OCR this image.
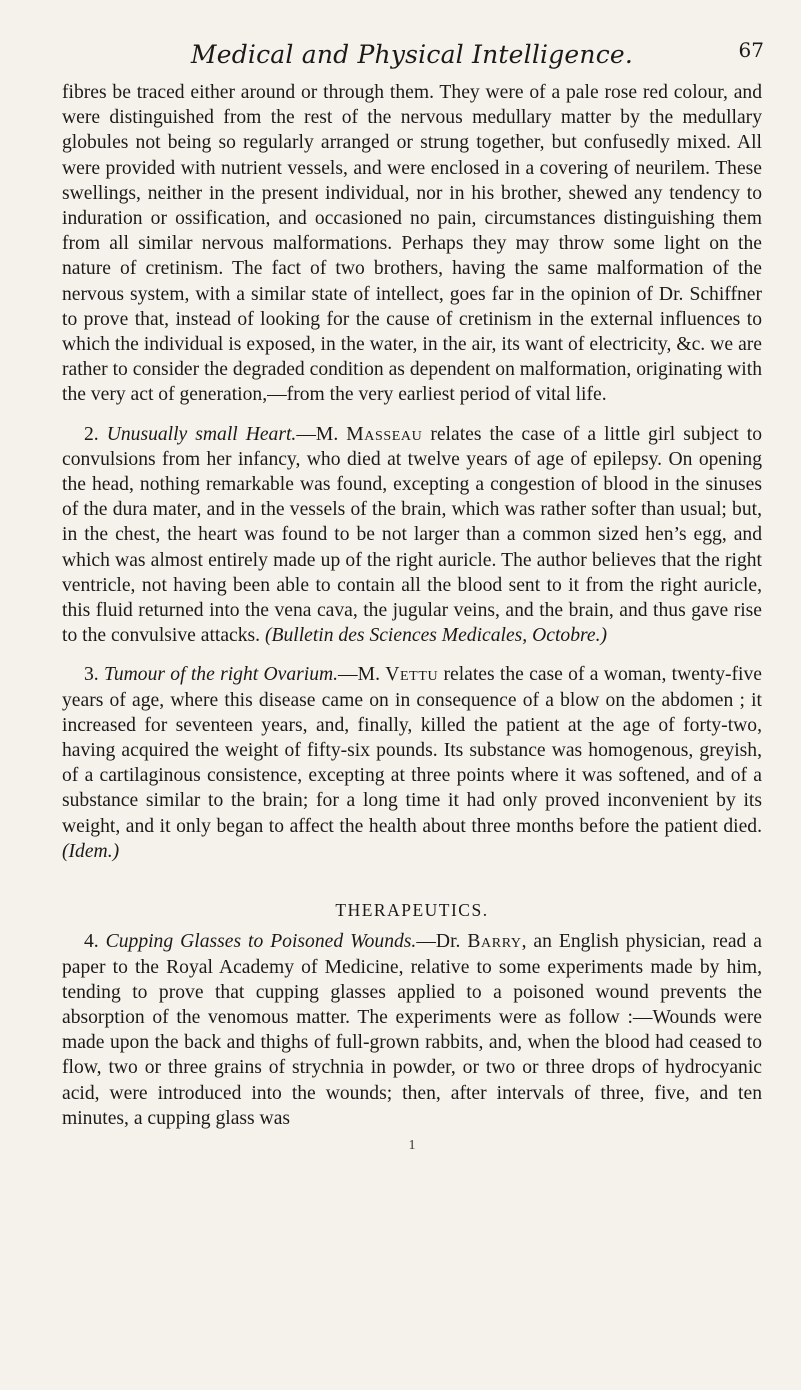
Medical and Physical Intelligence.	67

fibres be traced either around or through them. They were of a pale rose red colour, and were distinguished from the rest of the nervous medullary matter by the medullary globules not being so regularly arranged or strung together, but confusedly mixed. All were provided with nutrient vessels, and were enclosed in a covering of neurilem. These swellings, neither in the present individual, nor in his brother, shewed any tendency to induration or ossification, and occasioned no pain, circumstances distinguishing them from all similar nervous malformations. Perhaps they may throw some light on the nature of cretinism. The fact of two brothers, having the same malformation of the nervous system, with a similar state of intellect, goes far in the opinion of Dr. Schiffner to prove that, instead of looking for the cause of cretinism in the external influences to which the individual is exposed, in the water, in the air, its want of electricity, &c. we are rather to consider the degraded condition as dependent on malformation, originating with the very act of generation,—from the very earliest period of vital life.

2. Unusually small Heart.—M. Masseau relates the case of a little girl subject to convulsions from her infancy, who died at twelve years of age of epilepsy. On opening the head, nothing remarkable was found, excepting a congestion of blood in the sinuses of the dura mater, and in the vessels of the brain, which was rather softer than usual; but, in the chest, the heart was found to be not larger than a common sized hen’s egg, and which was almost entirely made up of the right auricle. The author believes that the right ventricle, not having been able to contain all the blood sent to it from the right auricle, this fluid returned into the vena cava, the jugular veins, and the brain, and thus gave rise to the convulsive attacks. (Bulletin des Sciences Medicales, Octobre.)

3. Tumour of the right Ovarium.—M. Vettu relates the case of a woman, twenty-five years of age, where this disease came on in consequence of a blow on the abdomen ; it increased for seventeen years, and, finally, killed the patient at the age of forty-two, having acquired the weight of fifty-six pounds. Its substance was homogenous, greyish, of a cartilaginous consistence, excepting at three points where it was softened, and of a substance similar to the brain; for a long time it had only proved inconvenient by its weight, and it only began to affect the health about three months before the patient died. (Idem.)

THERAPEUTICS.

4. Cupping Glasses to Poisoned Wounds.—Dr. Barry, an English physician, read a paper to the Royal Academy of Medicine, relative to some experiments made by him, tending to prove that cupping glasses applied to a poisoned wound prevents the absorption of the venomous matter. The experiments were as follow :—Wounds were made upon the back and thighs of full-grown rabbits, and, when the blood had ceased to flow, two or three grains of strychnia in powder, or two or three drops of hydrocyanic acid, were introduced into the wounds; then, after intervals of three, five, and ten minutes, a cupping glass was

1
